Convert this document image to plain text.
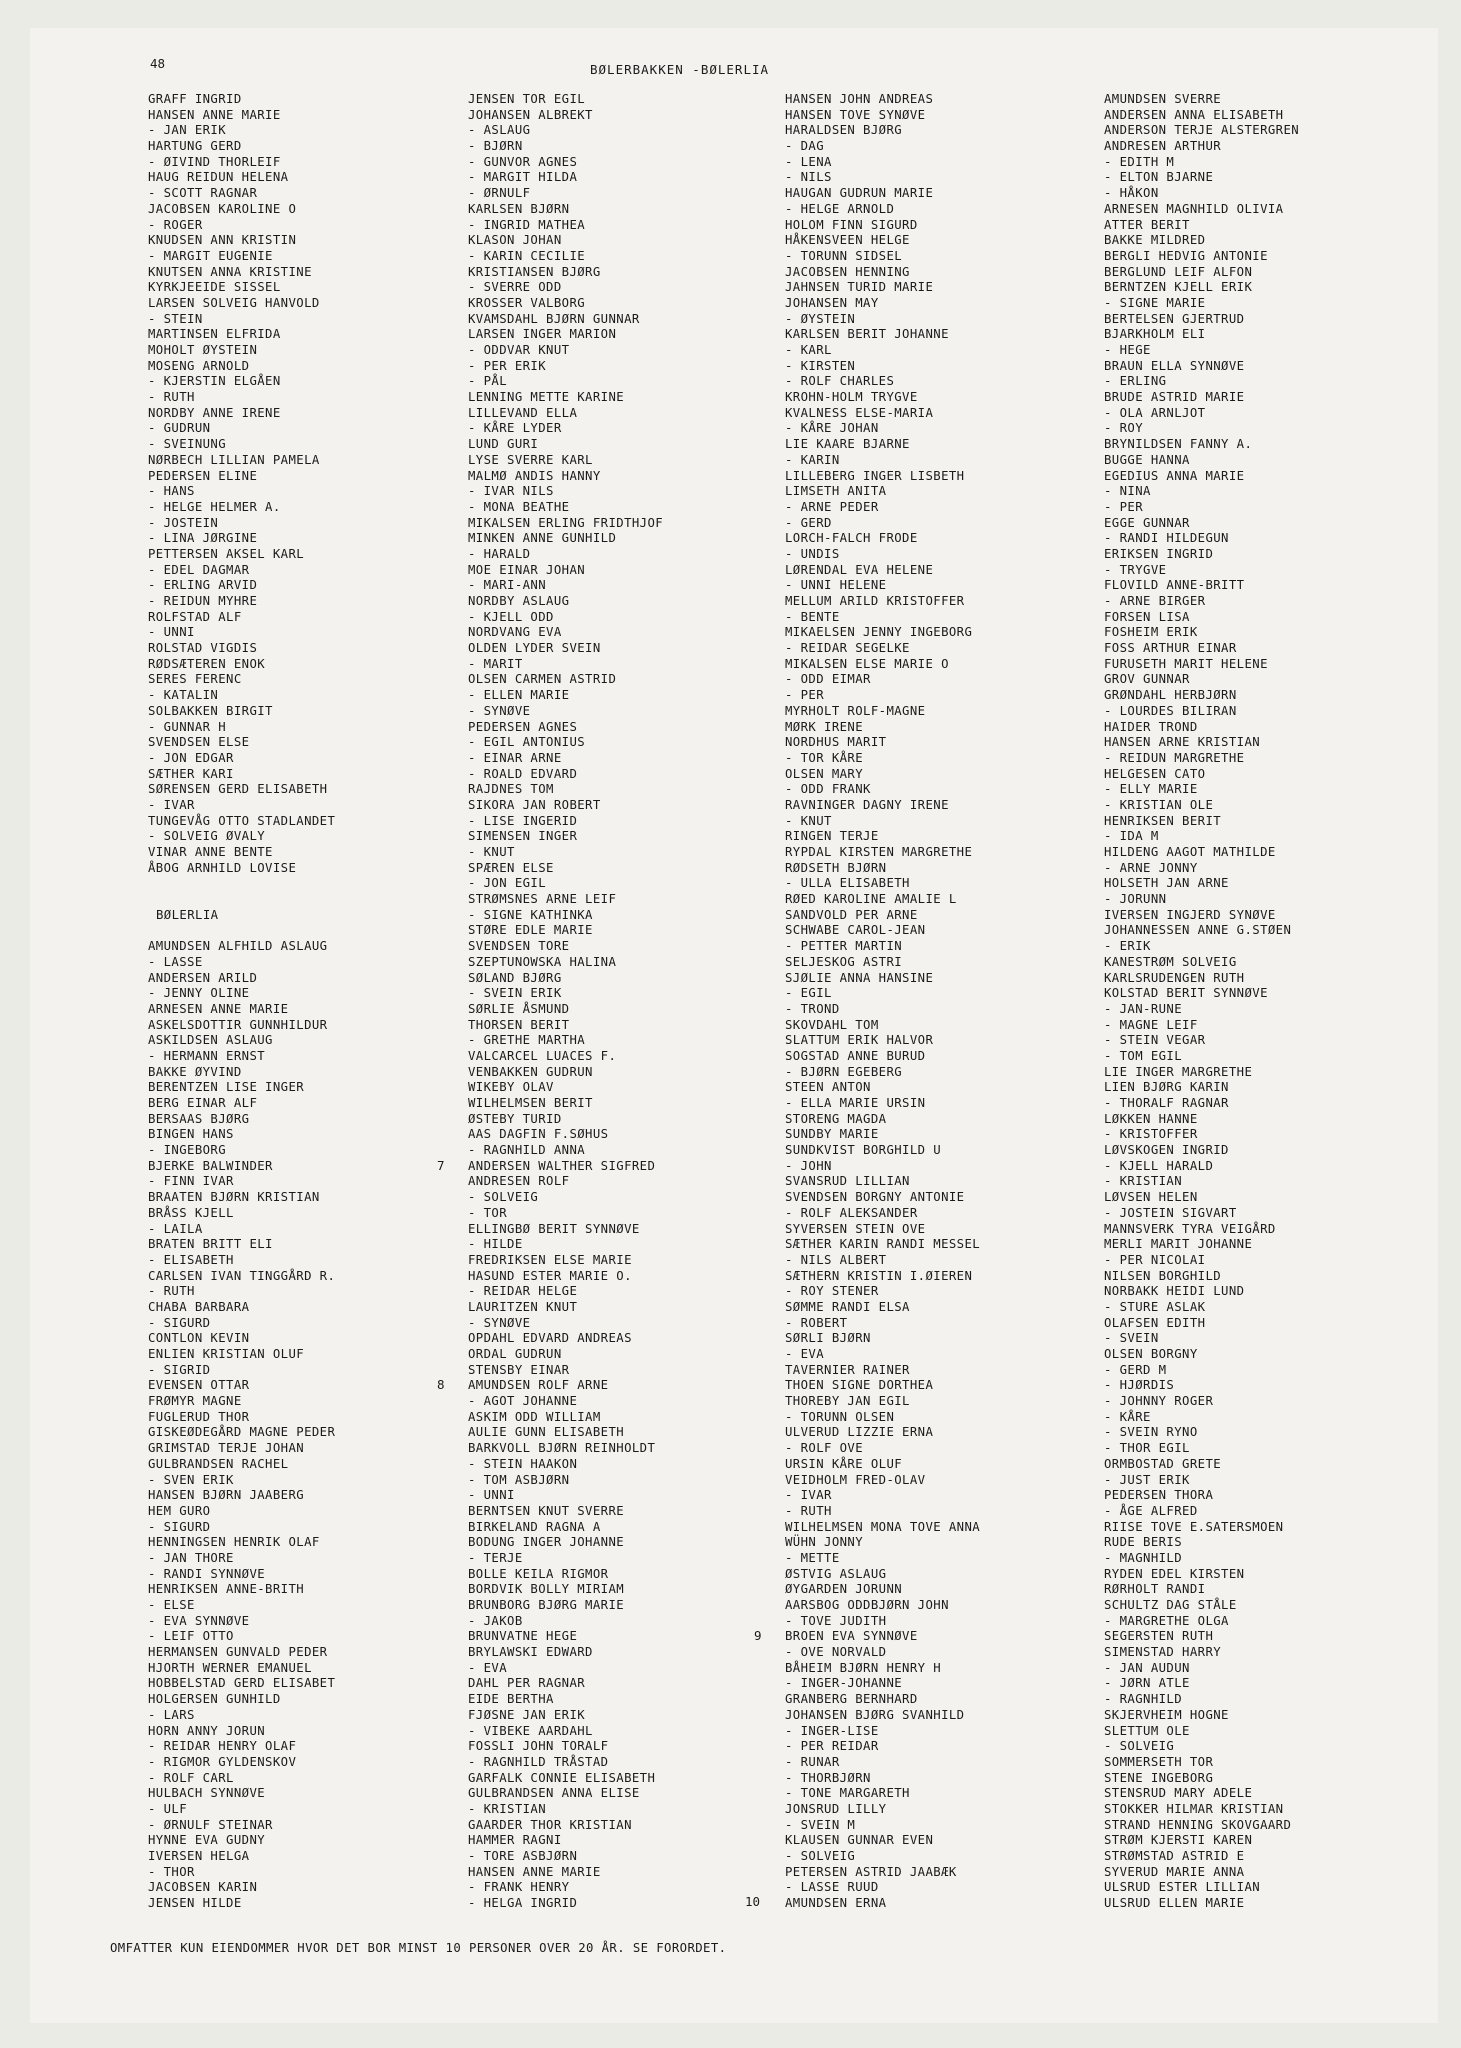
48	BØLERBAKKEN -BØLERLIA
GRAFF INGRID
HANSEN ANNE MARIE
- JAN ERIK
HARTUNG GERD
- ØIVIND THORLEIF
HAUG REIDUN HELENA
- SCOTT RAGNAR
JACOBSEN KAROLINE O
- ROGER
KNUDSEN ANN KRISTIN
- MARGIT EUGENIE
KNUTSEN ANNA KRISTINE
KYRKJEEIDE SISSEL
LARSEN SOLVEIG HANVOLD
- STEIN
MARTINSEN ELFRIDA
MOHOLT ØYSTEIN
MOSENG ARNOLD
- KJERSTIN ELGÅEN
- RUTH
NORDBY ANNE IRENE
- GUDRUN
- SVEINUNG
NØRBECH LILLIAN PAMELA
PEDERSEN ELINE
- HANS
- HELGE HELMER A.
- JOSTEIN
- LINA JØRGINE
PETTERSEN AKSEL KARL
- EDEL DAGMAR
- ERLING ARVID
- REIDUN MYHRE
ROLFSTAD ALF
- UNNI
ROLSTAD VIGDIS
RØDSÆTEREN ENOK
SERES FERENC
- KATALIN
SOLBAKKEN BIRGIT
- GUNNAR H
SVENDSEN ELSE
- JON EDGAR
SÆTHER KARI
SØRENSEN GERD ELISABETH
- IVAR
TUNGEVÅG OTTO STADLANDET
- SOLVEIG ØVALY
VINAR ANNE BENTE
ÅBOG ARNHILD LOVISE
BØLERLIA
AMUNDSEN ALFHILD ASLAUG
- LASSE
ANDERSEN ARILD
- JENNY OLINE
ARNESEN ANNE MARIE
ASKELSDOTTIR GUNNHILDUR
ASKILDSEN ASLAUG
- HERMANN ERNST
BAKKE ØYVIND
BERENTZEN LISE INGER
BERG EINAR ALF
BERSAAS BJØRG
BINGEN HANS
- INGEBORG
BJERKE BALWINDER
- FINN IVAR
BRAATEN BJØRN KRISTIAN
BRÅSS KJELL
- LAILA
BRATEN BRITT ELI
- ELISABETH
CARLSEN IVAN TINGGÅRD R.
- RUTH
CHABA BARBARA
- SIGURD
CONTLON KEVIN
ENLIEN KRISTIAN OLUF
- SIGRID
EVENSEN OTTAR
FRØMYR MAGNE
FUGLERUD THOR
GISKEØDEGÅRD MAGNE PEDER
GRIMSTAD TERJE JOHAN
GULBRANDSEN RACHEL
- SVEN ERIK
HANSEN BJØRN JAABERG
HEM GURO
- SIGURD
HENNINGSEN HENRIK OLAF
- JAN THORE
- RANDI SYNNØVE
HENRIKSEN ANNE-BRITH
- ELSE
- EVA SYNNØVE
- LEIF OTTO
HERMANSEN GUNVALD PEDER
HJORTH WERNER EMANUEL
HOBBELSTAD GERD ELISABET
HOLGERSEN GUNHILD
- LARS
HORN ANNY JORUN
- REIDAR HENRY OLAF
- RIGMOR GYLDENSKOV
- ROLF CARL
HULBACH SYNNØVE
- ULF
- ØRNULF STEINAR
HYNNE EVA GUDNY
IVERSEN HELGA
- THOR
JACOBSEN KARIN
JENSEN HILDE
JENSEN TOR EGIL
JOHANSEN ALBREKT
- ASLAUG
- BJØRN
- GUNVOR AGNES
- MARGIT HILDA
- ØRNULF
KARLSEN BJØRN
- INGRID MATHEA
KLASON JOHAN
- KARIN CECILIE
KRISTIANSEN BJØRG
- SVERRE ODD
KROSSER VALBORG
KVAMSDAHL BJØRN GUNNAR
LARSEN INGER MARION
- ODDVAR KNUT
- PER ERIK
- PÅL
LENNING METTE KARINE
LILLEVAND ELLA
- KÅRE LYDER
LUND GURI
LYSE SVERRE KARL
MALMØ ANDIS HANNY
- IVAR NILS
- MONA BEATHE
MIKALSEN ERLING FRIDTHJOF
MINKEN ANNE GUNHILD
- HARALD
MOE EINAR JOHAN
- MARI-ANN
NORDBY ASLAUG
- KJELL ODD
NORDVANG EVA
OLDEN LYDER SVEIN
- MARIT
OLSEN CARMEN ASTRID
- ELLEN MARIE
- SYNØVE
PEDERSEN AGNES
- EGIL ANTONIUS
- EINAR ARNE
- ROALD EDVARD
RAJDNES TOM
SIKORA JAN ROBERT
- LISE INGERID
SIMENSEN INGER
- KNUT
SPÆREN ELSE
- JON EGIL
STRØMSNES ARNE LEIF
- SIGNE KATHINKA
STØRE EDLE MARIE
SVENDSEN TORE
SZEPTUNOWSKA HALINA
SØLAND BJØRG
- SVEIN ERIK
SØRLIE ÅSMUND
THORSEN BERIT
- GRETHE MARTHA
VALCARCEL LUACES F.
VENBAKKEN GUDRUN
WIKEBY OLAV
WILHELMSEN BERIT
ØSTEBY TURID
AAS DAGFIN F.SØHUS
- RAGNHILD ANNA
ANDERSEN WALTHER SIGFRED
ANDRESEN ROLF
- SOLVEIG
- TOR
ELLINGBØ BERIT SYNNØVE
- HILDE
FREDRIKSEN ELSE MARIE
HASUND ESTER MARIE O.
- REIDAR HELGE
LAURITZEN KNUT
- SYNØVE
OPDAHL EDVARD ANDREAS
ORDAL GUDRUN
STENSBY EINAR
AMUNDSEN ROLF ARNE
- AGOT JOHANNE
ASKIM ODD WILLIAM
AULIE GUNN ELISABETH
BARKVOLL BJØRN REINHOLDT
- STEIN HAAKON
- TOM ASBJØRN
- UNNI
BERNTSEN KNUT SVERRE
BIRKELAND RAGNA A
BODUNG INGER JOHANNE
- TERJE
BOLLE KEILA RIGMOR
BORDVIK BOLLY MIRIAM
BRUNBORG BJØRG MARIE
- JAKOB
BRUNVATNE HEGE
BRYLAWSKI EDWARD
- EVA
DAHL PER RAGNAR
EIDE BERTHA
FJØSNE JAN ERIK
- VIBEKE AARDAHL
FOSSLI JOHN TORALF
- RAGNHILD TRÅSTAD
GARFALK CONNIE ELISABETH
GULBRANDSEN ANNA ELISE
- KRISTIAN
GAARDER THOR KRISTIAN
HAMMER RAGNI
- TORE ASBJØRN
HANSEN ANNE MARIE
- FRANK HENRY
- HELGA INGRID
HANSEN JOHN ANDREAS
HANSEN TOVE SYNØVE
HARALDSEN BJØRG
- DAG
- LENA
- NILS
HAUGAN GUDRUN MARIE
- HELGE ARNOLD
HOLOM FINN SIGURD
HÅKENSVEEN HELGE
- TORUNN SIDSEL
JACOBSEN HENNING
JAHNSEN TURID MARIE
JOHANSEN MAY
- ØYSTEIN
KARLSEN BERIT JOHANNE
- KARL
- KIRSTEN
- ROLF CHARLES
KROHN-HOLM TRYGVE
KVALNESS ELSE-MARIA
- KÅRE JOHAN
LIE KAARE BJARNE
- KARIN
LILLEBERG INGER LISBETH
LIMSETH ANITA
- ARNE PEDER
- GERD
LORCH-FALCH FRODE
- UNDIS
LØRENDAL EVA HELENE
- UNNI HELENE
MELLUM ARILD KRISTOFFER
- BENTE
MIKAELSEN JENNY INGEBORG
- REIDAR SEGELKE
MIKALSEN ELSE MARIE O
- ODD EIMAR
- PER
MYRHOLT ROLF-MAGNE
MØRK IRENE
NORDHUS MARIT
- TOR KÅRE
OLSEN MARY
- ODD FRANK
RAVNINGER DAGNY IRENE
- KNUT
RINGEN TERJE
RYPDAL KIRSTEN MARGRETHE
RØDSETH BJØRN
- ULLA ELISABETH
RØED KAROLINE AMALIE L
SANDVOLD PER ARNE
SCHWABE CAROL-JEAN
- PETTER MARTIN
SELJESKOG ASTRI
SJØLIE ANNA HANSINE
- EGIL
- TROND
SKOVDAHL TOM
SLATTUM ERIK HALVOR
SOGSTAD ANNE BURUD
- BJØRN EGEBERG
STEEN ANTON
- ELLA MARIE URSIN
STORENG MAGDA
SUNDBY MARIE
SUNDKVIST BORGHILD U
- JOHN
SVANSRUD LILLIAN
SVENDSEN BORGNY ANTONIE
- ROLF ALEKSANDER
SYVERSEN STEIN OVE
SÆTHER KARIN RANDI MESSEL
- NILS ALBERT
SÆTHERN KRISTIN I.ØIEREN
- ROY STENER
SØMME RANDI ELSA
- ROBERT
SØRLI BJØRN
- EVA
TAVERNIER RAINER
THOEN SIGNE DORTHEA
THOREBY JAN EGIL
- TORUNN OLSEN
ULVERUD LIZZIE ERNA
- ROLF OVE
URSIN KÅRE OLUF
VEIDHOLM FRED-OLAV
- IVAR
- RUTH
WILHELMSEN MONA TOVE ANNA
WÜHN JONNY
- METTE
ØSTVIG ASLAUG
ØYGARDEN JORUNN
AARSBOG ODDBJØRN JOHN
- TOVE JUDITH
BROEN EVA SYNNØVE
- OVE NORVALD
BÅHEIM BJØRN HENRY H
- INGER-JOHANNE
GRANBERG BERNHARD
JOHANSEN BJØRG SVANHILD
- INGER-LISE
- PER REIDAR
- RUNAR
- THORBJØRN
- TONE MARGARETH
JONSRUD LILLY
- SVEIN M
KLAUSEN GUNNAR EVEN
- SOLVEIG
PETERSEN ASTRID JAABÆK
- LASSE RUUD
AMUNDSEN ERNA
AMUNDSEN SVERRE
ANDERSEN ANNA ELISABETH
ANDERSON TERJE ALSTERGREN
ANDRESEN ARTHUR
- EDITH M
- ELTON BJARNE
- HÅKON
ARNESEN MAGNHILD OLIVIA
ATTER BERIT
BAKKE MILDRED
BERGLI HEDVIG ANTONIE
BERGLUND LEIF ALFON
BERNTZEN KJELL ERIK
- SIGNE MARIE
BERTELSEN GJERTRUD
BJARKHOLM ELI
- HEGE
BRAUN ELLA SYNNØVE
- ERLING
BRUDE ASTRID MARIE
- OLA ARNLJOT
- ROY
BRYNILDSEN FANNY A.
BUGGE HANNA
EGEDIUS ANNA MARIE
- NINA
- PER
EGGE GUNNAR
- RANDI HILDEGUN
ERIKSEN INGRID
- TRYGVE
FLOVILD ANNE-BRITT
- ARNE BIRGER
FORSEN LISA
FOSHEIM ERIK
FOSS ARTHUR EINAR
FURUSETH MARIT HELENE
GROV GUNNAR
GRØNDAHL HERBJØRN
- LOURDES BILIRAN
HAIDER TROND
HANSEN ARNE KRISTIAN
- REIDUN MARGRETHE
HELGESEN CATO
- ELLY MARIE
- KRISTIAN OLE
HENRIKSEN BERIT
- IDA M
HILDENG AAGOT MATHILDE
- ARNE JONNY
HOLSETH JAN ARNE
- JORUNN
IVERSEN INGJERD SYNØVE
JOHANNESSEN ANNE G.STØEN
- ERIK
KANESTRØM SOLVEIG
KARLSRUDENGEN RUTH
KOLSTAD BERIT SYNNØVE
- JAN-RUNE
- MAGNE LEIF
- STEIN VEGAR
- TOM EGIL
LIE INGER MARGRETHE
LIEN BJØRG KARIN
- THORALF RAGNAR
LØKKEN HANNE
- KRISTOFFER
LØVSKOGEN INGRID
- KJELL HARALD
- KRISTIAN
LØVSEN HELEN
- JOSTEIN SIGVART
MANNSVERK TYRA VEIGÅRD
MERLI MARIT JOHANNE
- PER NICOLAI
NILSEN BORGHILD
NORBAKK HEIDI LUND
- STURE ASLAK
OLAFSEN EDITH
- SVEIN
OLSEN BORGNY
- GERD M
- HJØRDIS
- JOHNNY ROGER
- KÅRE
- SVEIN RYNO
- THOR EGIL
ORMBOSTAD GRETE
- JUST ERIK
PEDERSEN THORA
- ÅGE ALFRED
RIISE TOVE E.SATERSMOEN
RUDE BERIS
- MAGNHILD
RYDEN EDEL KIRSTEN
RØRHOLT RANDI
SCHULTZ DAG STÅLE
- MARGRETHE OLGA
SEGERSTEN RUTH
SIMENSTAD HARRY
- JAN AUDUN
- JØRN ATLE
- RAGNHILD
SKJERVHEIM HOGNE
SLETTUM OLE
- SOLVEIG
SOMMERSETH TOR
STENE INGEBORG
STENSRUD MARY ADELE
STOKKER HILMAR KRISTIAN
STRAND HENNING SKOVGAARD
STRØM KJERSTI KAREN
STRØMSTAD ASTRID E
SYVERUD MARIE ANNA
ULSRUD ESTER LILLIAN
ULSRUD ELLEN MARIE
7
8
9
10
OMFATTER KUN EIENDOMMER HVOR DET BOR MINST 10 PERSONER OVER 20 ÅR. SE FORORDET.
